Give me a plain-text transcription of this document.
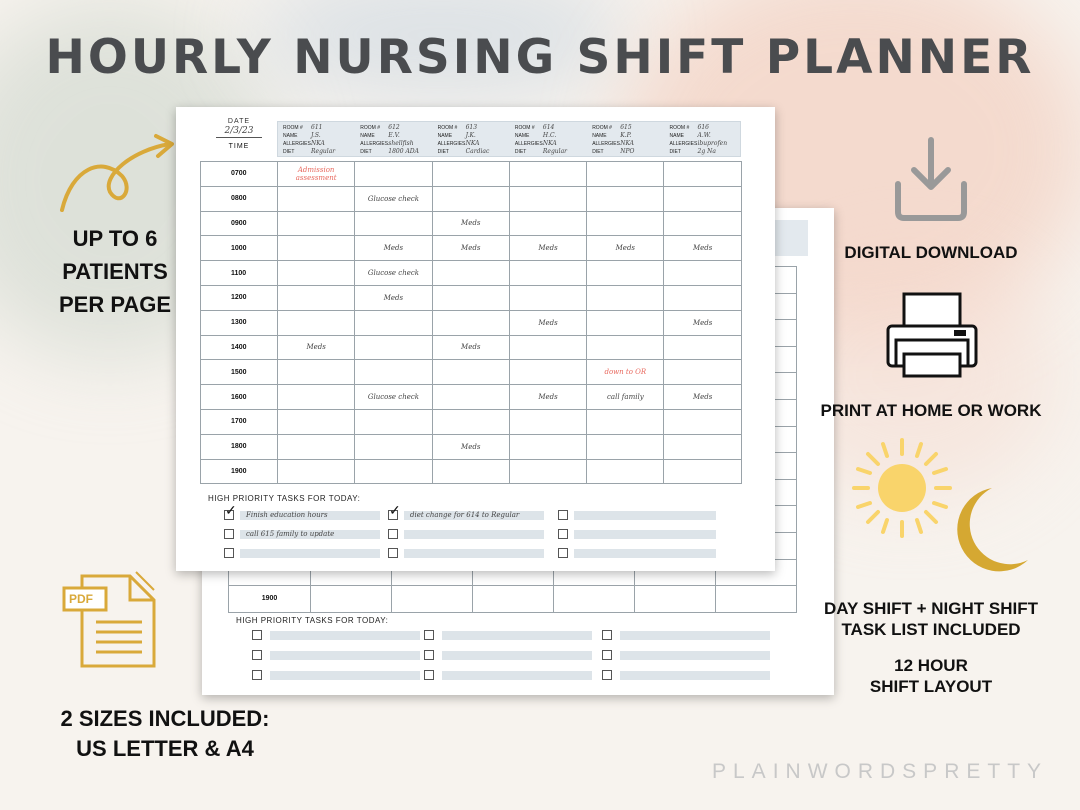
HOURLY NURSING SHIFT PLANNER
UP TO 6
PATIENTS
PER PAGE
PDF
2 SIZES INCLUDED:
US LETTER & A4

1900						
HIGH PRIORITY TASKS FOR TODAY:
DATE
2/3/23
TIME
ROOM # 611
NAME J.S.
ALLERGIESNKA
DIET	Regular
ROOM # 612
NAME E.V.
ALLERGIESshellfish
DIET	1800 ADA
ROOM # 613
NAME J.K.
ALLERGIESNKA
DIET	Cardiac
ROOM # 614
NAME H.C.
ALLERGIESNKA
DIET	Regular
ROOM # 615
NAME K.P.
ALLERGIESNKA
DIET	NPO
ROOM # 616
NAME A.W.
ALLERGIESibuprofen
DIET	2g Na
0700	Admission assessment					
0800		Glucose check				
0900			Meds			
1000		Meds	Meds	Meds	Meds	Meds
1100		Glucose check				
1200		Meds				
1300				Meds		Meds
1400	Meds		Meds			
1500					down to OR	
1600		Glucose check		Meds	call family	Meds
1700						
1800			Meds			
1900						
HIGH PRIORITY TASKS FOR TODAY:
✓	Finish education hours
call 615 family to update
✓	diet change for 614 to Regular
DIGITAL DOWNLOAD
PRINT AT HOME OR WORK
DAY SHIFT + NIGHT SHIFT
TASK LIST INCLUDED
12 HOUR
SHIFT LAYOUT
PLAINWORDSPRETTY
